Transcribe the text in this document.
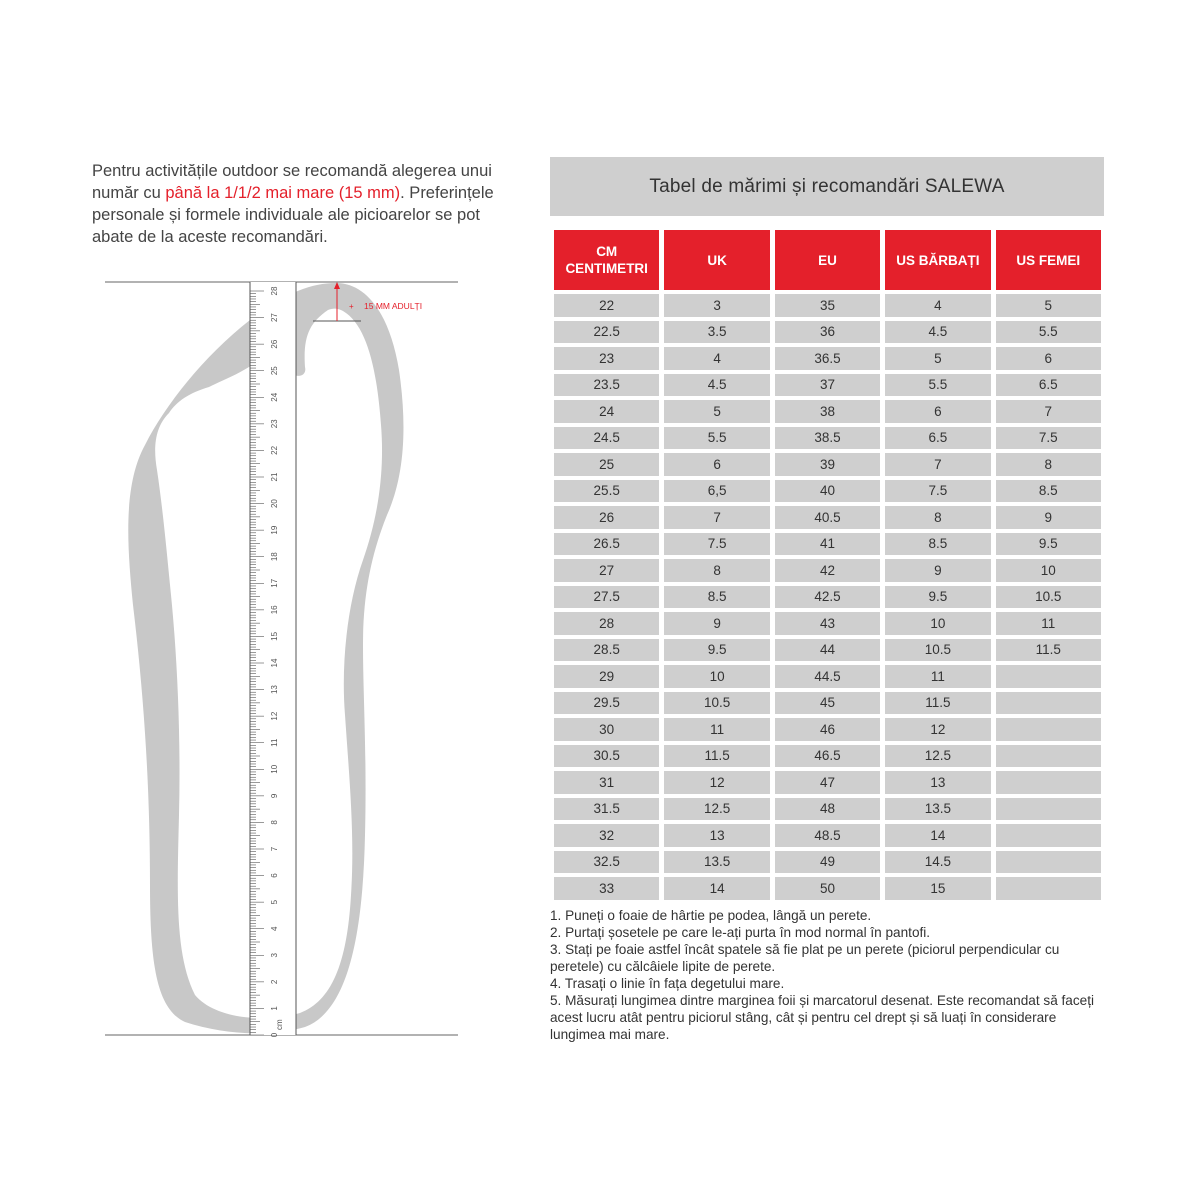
Pentru activitățile outdoor se recomandă alegerea unui număr cu până la 1/1/2 mai mare (15 mm). Preferințele personale și formele individuale ale picioarelor se pot abate de la aceste recomandări.

0
1
2
3
4
5
6
7
8
9
10
11
12
13
14
15
16
17
18
19
20
21
22
23
24
25
26
27
28
cm
+ 15 MM ADULȚI
Tabel de mărimi și recomandări SALEWA
CM
CENTIMETRI	UK	EU	US BĂRBAȚI	US FEMEI
22	3	35	4	5
22.5	3.5	36	4.5	5.5
23	4	36.5	5	6
23.5	4.5	37	5.5	6.5
24	5	38	6	7
24.5	5.5	38.5	6.5	7.5
25	6	39	7	8
25.5	6,5	40	7.5	8.5
26	7	40.5	8	9
26.5	7.5	41	8.5	9.5
27	8	42	9	10
27.5	8.5	42.5	9.5	10.5
28	9	43	10	11
28.5	9.5	44	10.5	11.5
29	10	44.5	11	
29.5	10.5	45	11.5	
30	11	46	12	
30.5	11.5	46.5	12.5	
31	12	47	13	
31.5	12.5	48	13.5	
32	13	48.5	14	
32.5	13.5	49	14.5	
33	14	50	15	

1. Puneți o foaie de hârtie pe podea, lângă un perete.

2. Purtați șosetele pe care le-ați purta în mod normal în pantofi.

3. Stați pe foaie astfel încât spatele să fie plat pe un perete (piciorul perpendicular cu peretele) cu călcâiele lipite de perete.

4. Trasați o linie în fața degetului mare.

5. Măsurați lungimea dintre marginea foii și marcatorul desenat. Este recomandat să faceți acest lucru atât pentru piciorul stâng, cât și pentru cel drept și să luați în considerare lungimea mai mare.
